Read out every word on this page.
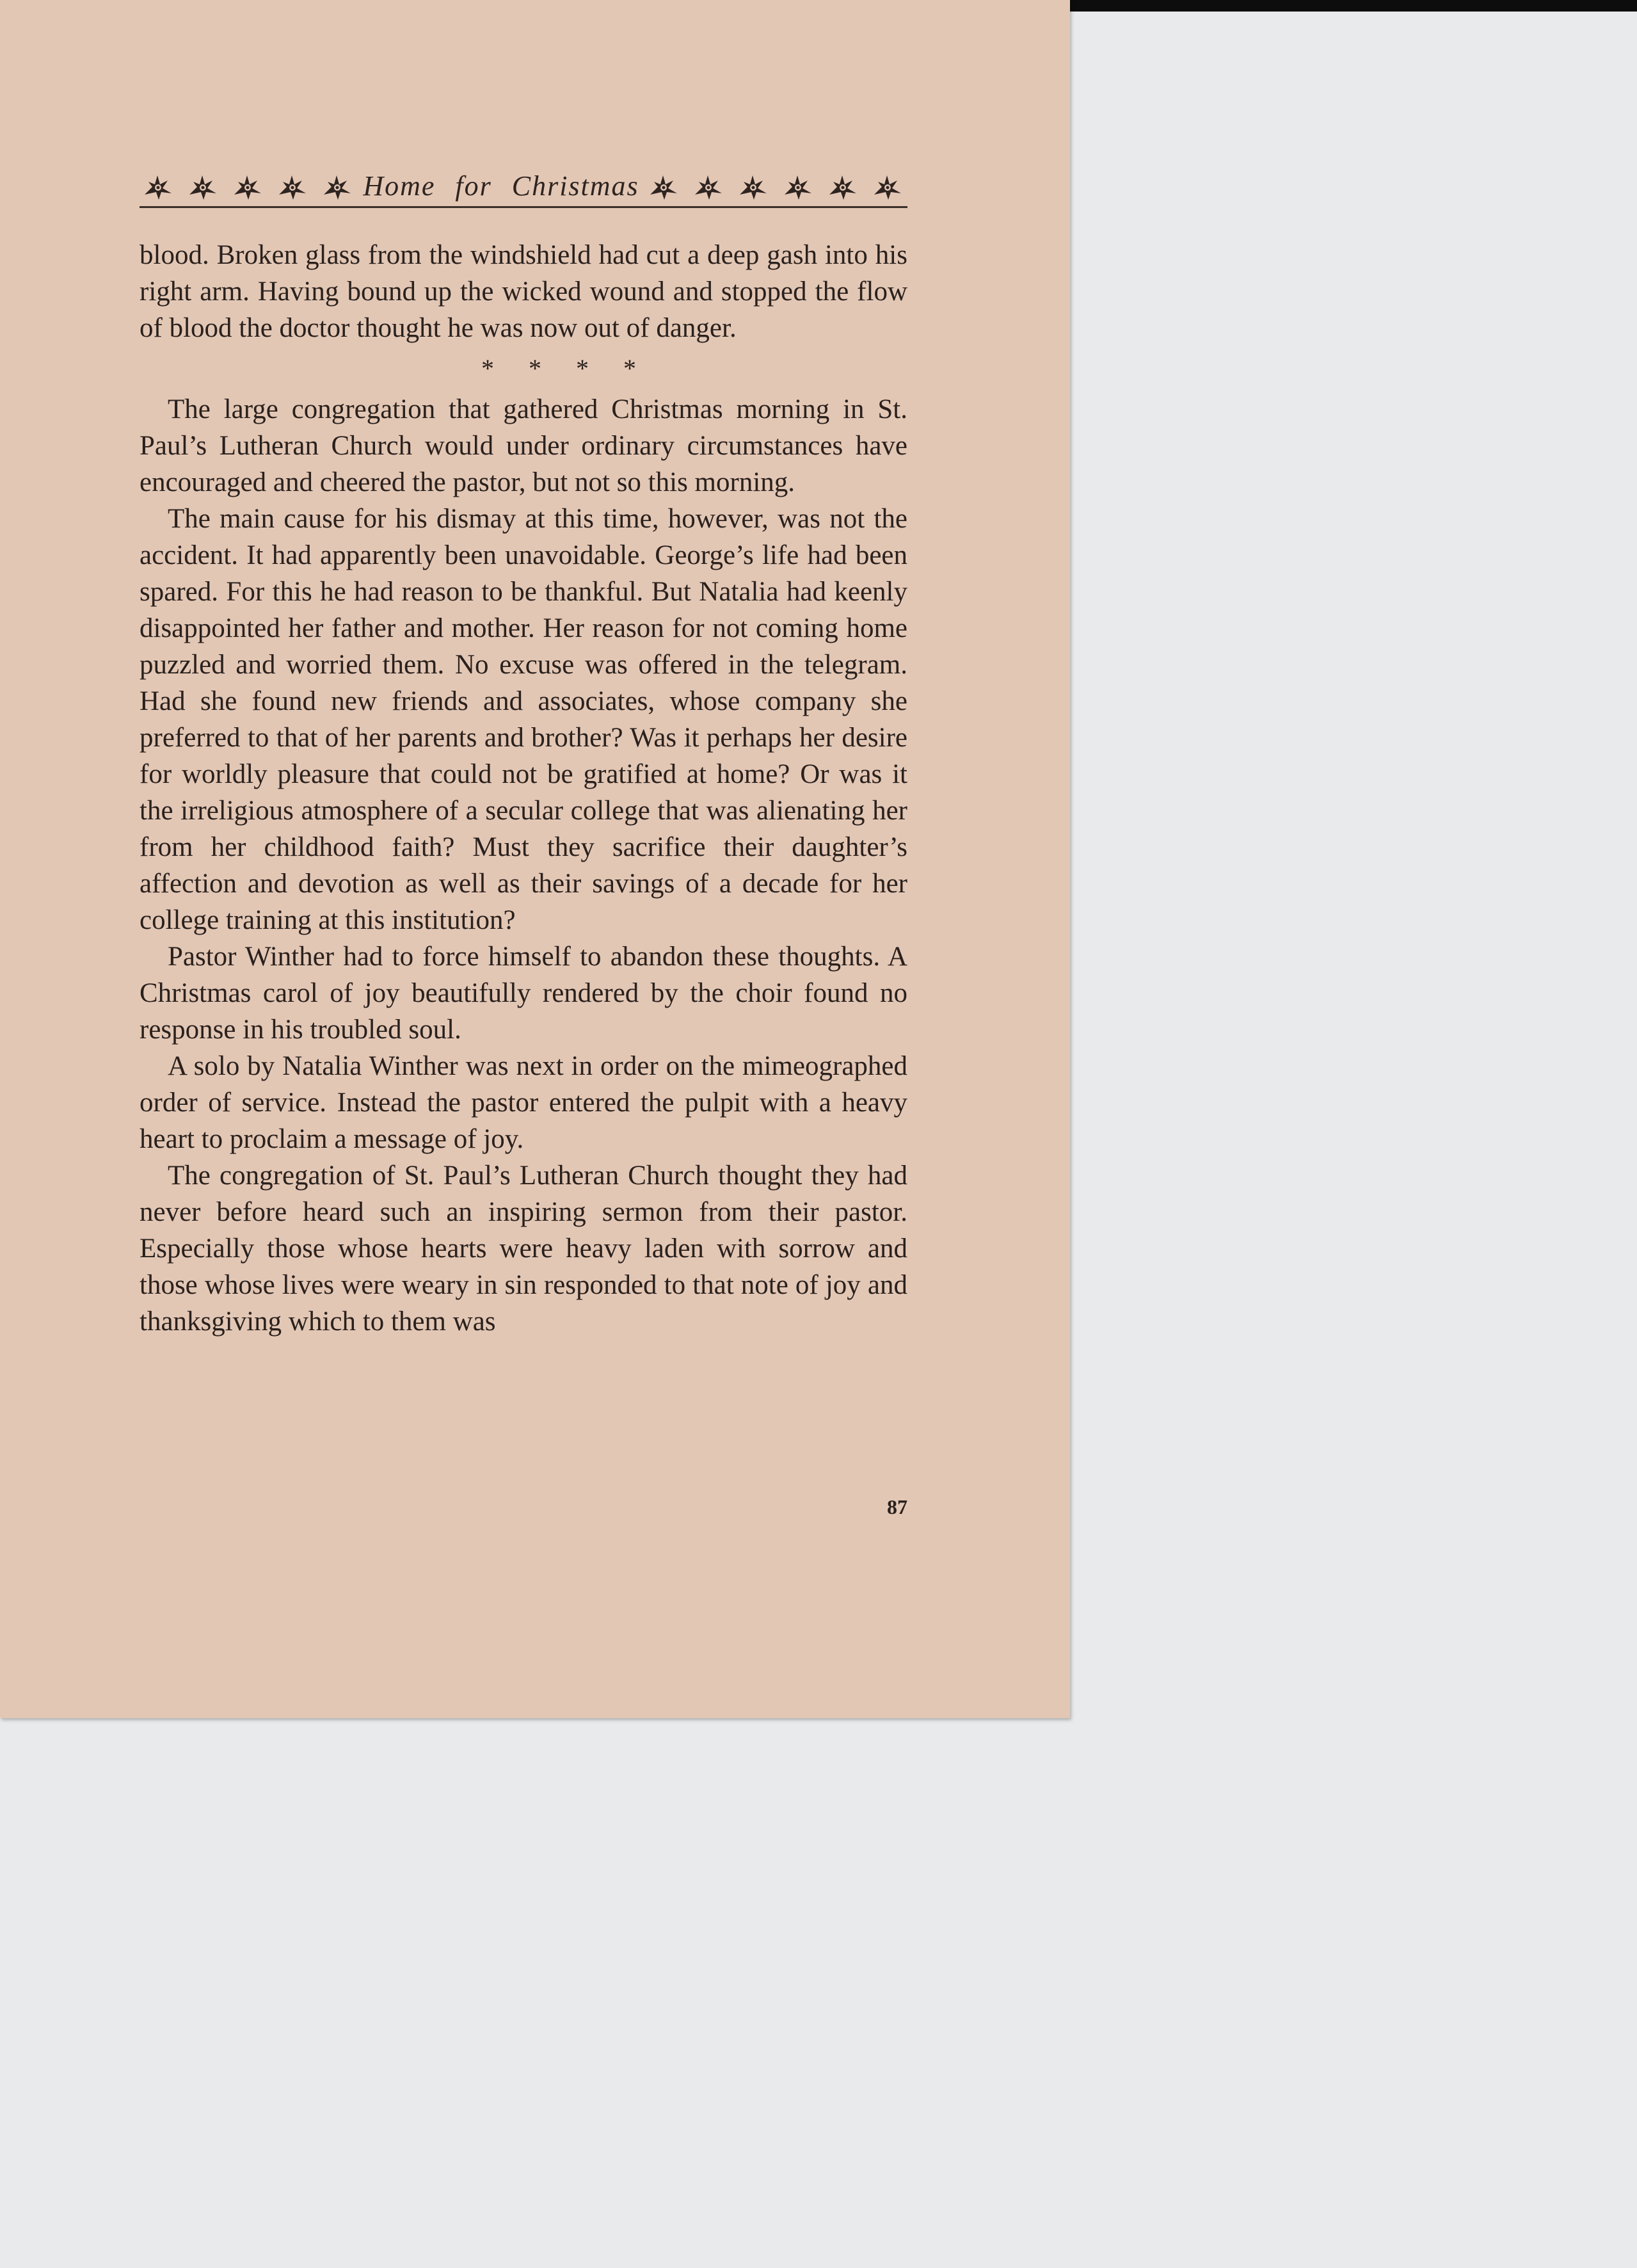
Home for Christmas

blood. Broken glass from the windshield had cut a deep gash into his right arm. Having bound up the wicked wound and stopped the flow of blood the doctor thought he was now out of danger.

* * * *

The large congregation that gathered Christmas morning in St. Paul’s Lutheran Church would under ordinary circumstances have encouraged and cheered the pastor, but not so this morning.

The main cause for his dismay at this time, however, was not the accident. It had apparently been unavoidable. George’s life had been spared. For this he had reason to be thankful. But Natalia had keenly disappointed her father and mother. Her reason for not coming home puzzled and worried them. No excuse was offered in the telegram. Had she found new friends and associates, whose company she preferred to that of her parents and brother? Was it perhaps her desire for worldly pleasure that could not be gratified at home? Or was it the irreligious atmosphere of a secular college that was alienating her from her childhood faith? Must they sacrifice their daughter’s affection and devotion as well as their savings of a decade for her college training at this institution?

Pastor Winther had to force himself to abandon these thoughts. A Christmas carol of joy beautifully rendered by the choir found no response in his troubled soul.

A solo by Natalia Winther was next in order on the mimeographed order of service. Instead the pastor entered the pulpit with a heavy heart to proclaim a message of joy.

The congregation of St. Paul’s Lutheran Church thought they had never before heard such an inspiring sermon from their pastor. Especially those whose hearts were heavy laden with sorrow and those whose lives were weary in sin responded to that note of joy and thanksgiving which to them was

87
